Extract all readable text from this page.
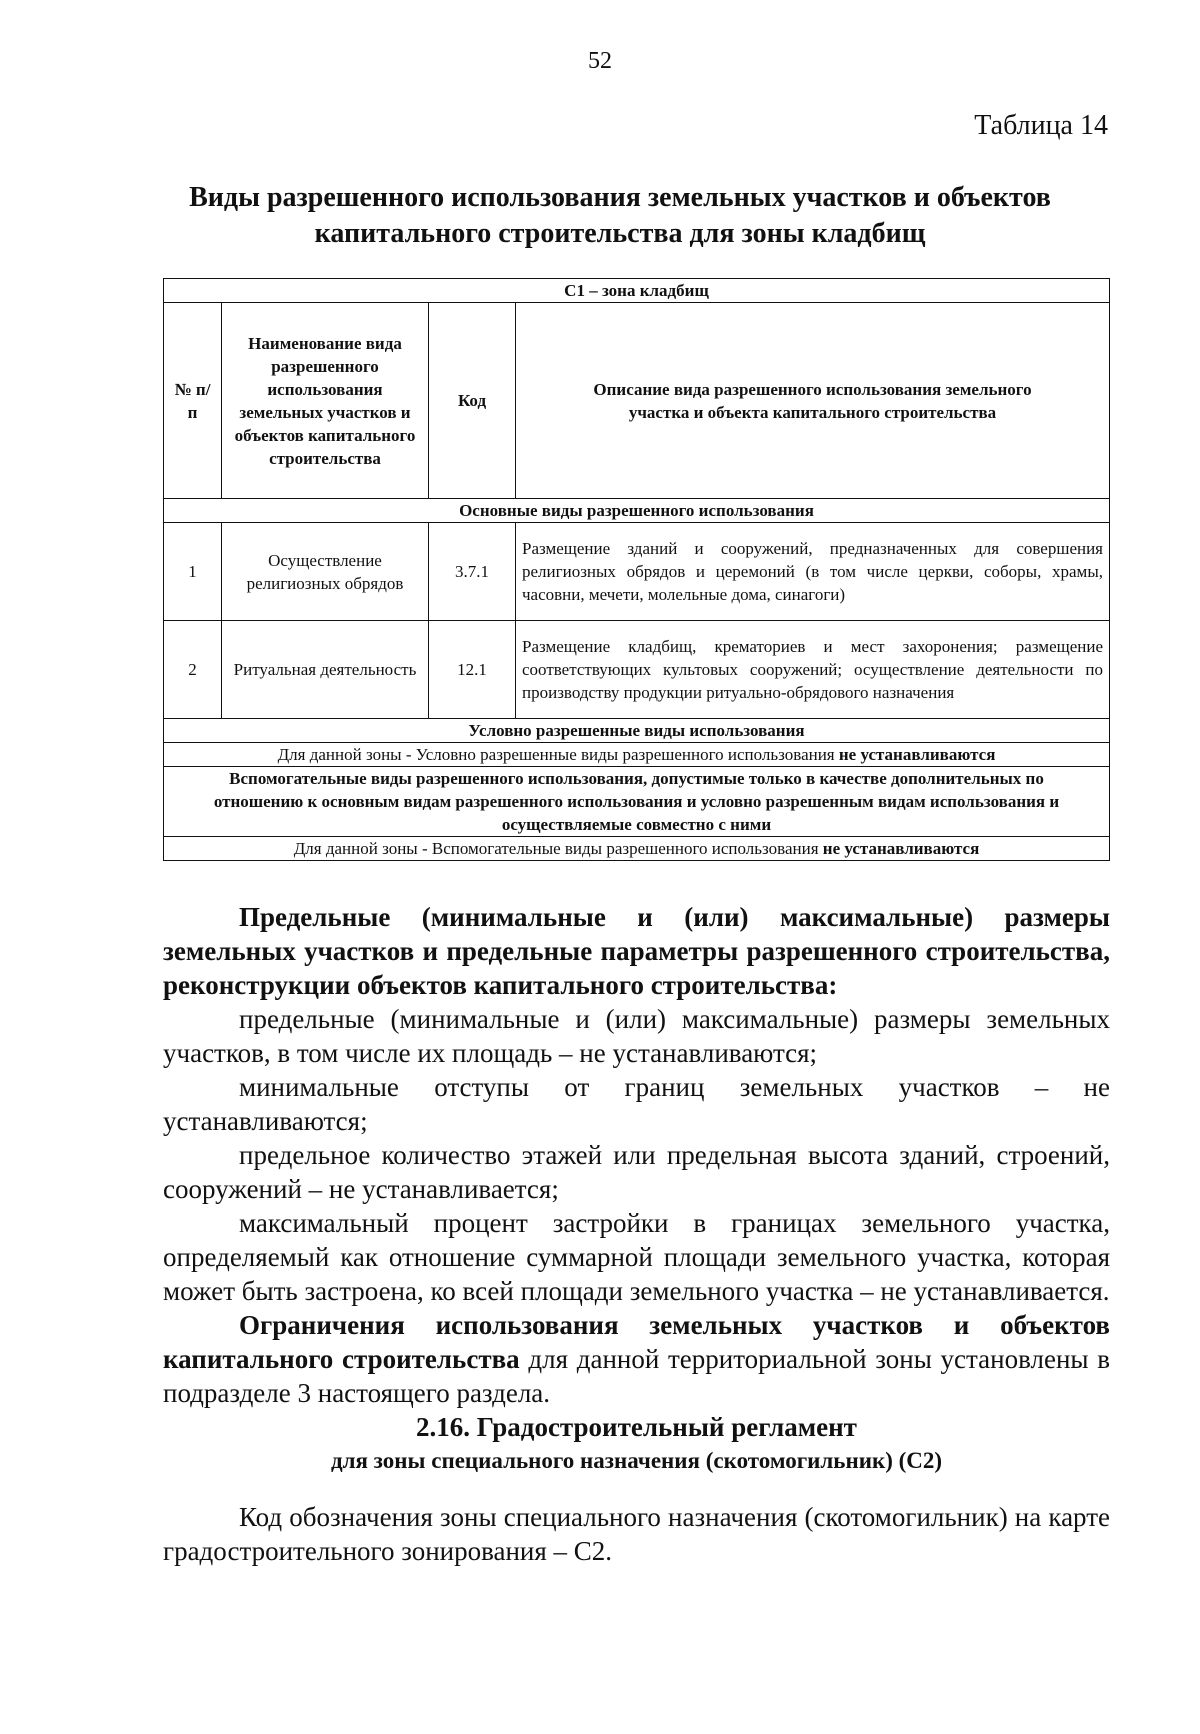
52
Таблица 14
Виды разрешенного использования земельных участков и объектов
капитального строительства для зоны кладбищ
С1 – зона кладбищ			
№ п/п	Наименование вида разрешенного использования земельных участков и объектов капитального строительства	Код	Описание вида разрешенного использования земельного участка и объекта капитального строительства
Основные виды разрешенного использования			
1	Осуществление религиозных обрядов	3.7.1	Размещение зданий и сооружений, предназначенных для совершения религиозных обрядов и церемоний (в том числе церкви, соборы, храмы, часовни, мечети, молельные дома, синагоги)
2	Ритуальная деятельность	12.1	Размещение кладбищ, крематориев и мест захоронения; размещение соответствующих культовых сооружений; осуществление деятельности по производству продукции ритуально-обрядового назначения
Условно разрешенные виды использования			
Для данной зоны - Условно разрешенные виды разрешенного использования не устанавливаются			
Вспомогательные виды разрешенного использования, допустимые только в качестве дополнительных по отношению к основным видам разрешенного использования и условно разрешенным видам использования и осуществляемые совместно с ними			
Для данной зоны - Вспомогательные виды разрешенного использования не устанавливаются			

Предельные (минимальные и (или) максимальные) размеры земельных участков и предельные параметры разрешенного строительства, реконструкции объектов капитального строительства:

предельные (минимальные и (или) максимальные) размеры земельных участков, в том числе их площадь – не устанавливаются;

минимальные отступы от границ земельных участков – не устанавливаются;

предельное количество этажей или предельная высота зданий, строений, сооружений – не устанавливается;

максимальный процент застройки в границах земельного участка, определяемый как отношение суммарной площади земельного участка, которая может быть застроена, ко всей площади земельного участка – не устанавливается.

Ограничения использования земельных участков и объектов капитального строительства для данной территориальной зоны установлены в подразделе 3 настоящего раздела.

2.16. Градостроительный регламент

для зоны специального назначения (скотомогильник) (С2)

Код обозначения зоны специального назначения (скотомогильник) на карте градостроительного зонирования – С2.
